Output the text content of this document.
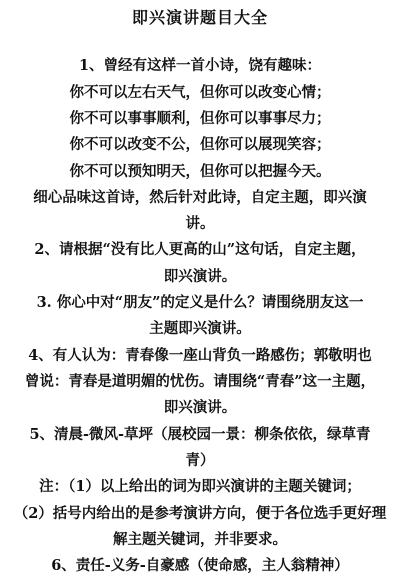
即兴演讲题目大全
1、曾经有这样一首小诗，饶有趣味：
你不可以左右天气，但你可以改变心情；
你不可以事事顺利，但你可以事事尽力；
你不可以改变不公，但你可以展现笑容；
你不可以预知明天，但你可以把握今天。
细心品味这首诗，然后针对此诗，自定主题，即兴演
讲。
2、请根据“没有比人更高的山”这句话，自定主题，
即兴演讲。
3. 你心中对“朋友”的定义是什么？请围绕朋友这一
主题即兴演讲。
4、有人认为：青春像一座山背负一路感伤；郭敬明也
曾说：青春是道明媚的忧伤。请围绕“青春”这一主题，
即兴演讲。
5、清晨-微风-草坪（展校园一景：柳条依依，绿草青
青）
注：（1）以上给出的词为即兴演讲的主题关键词；
（2）括号内给出的是参考演讲方向，便于各位选手更好理
解主题关键词，并非要求。
6、责任-义务-自豪感（使命感，主人翁精神）
